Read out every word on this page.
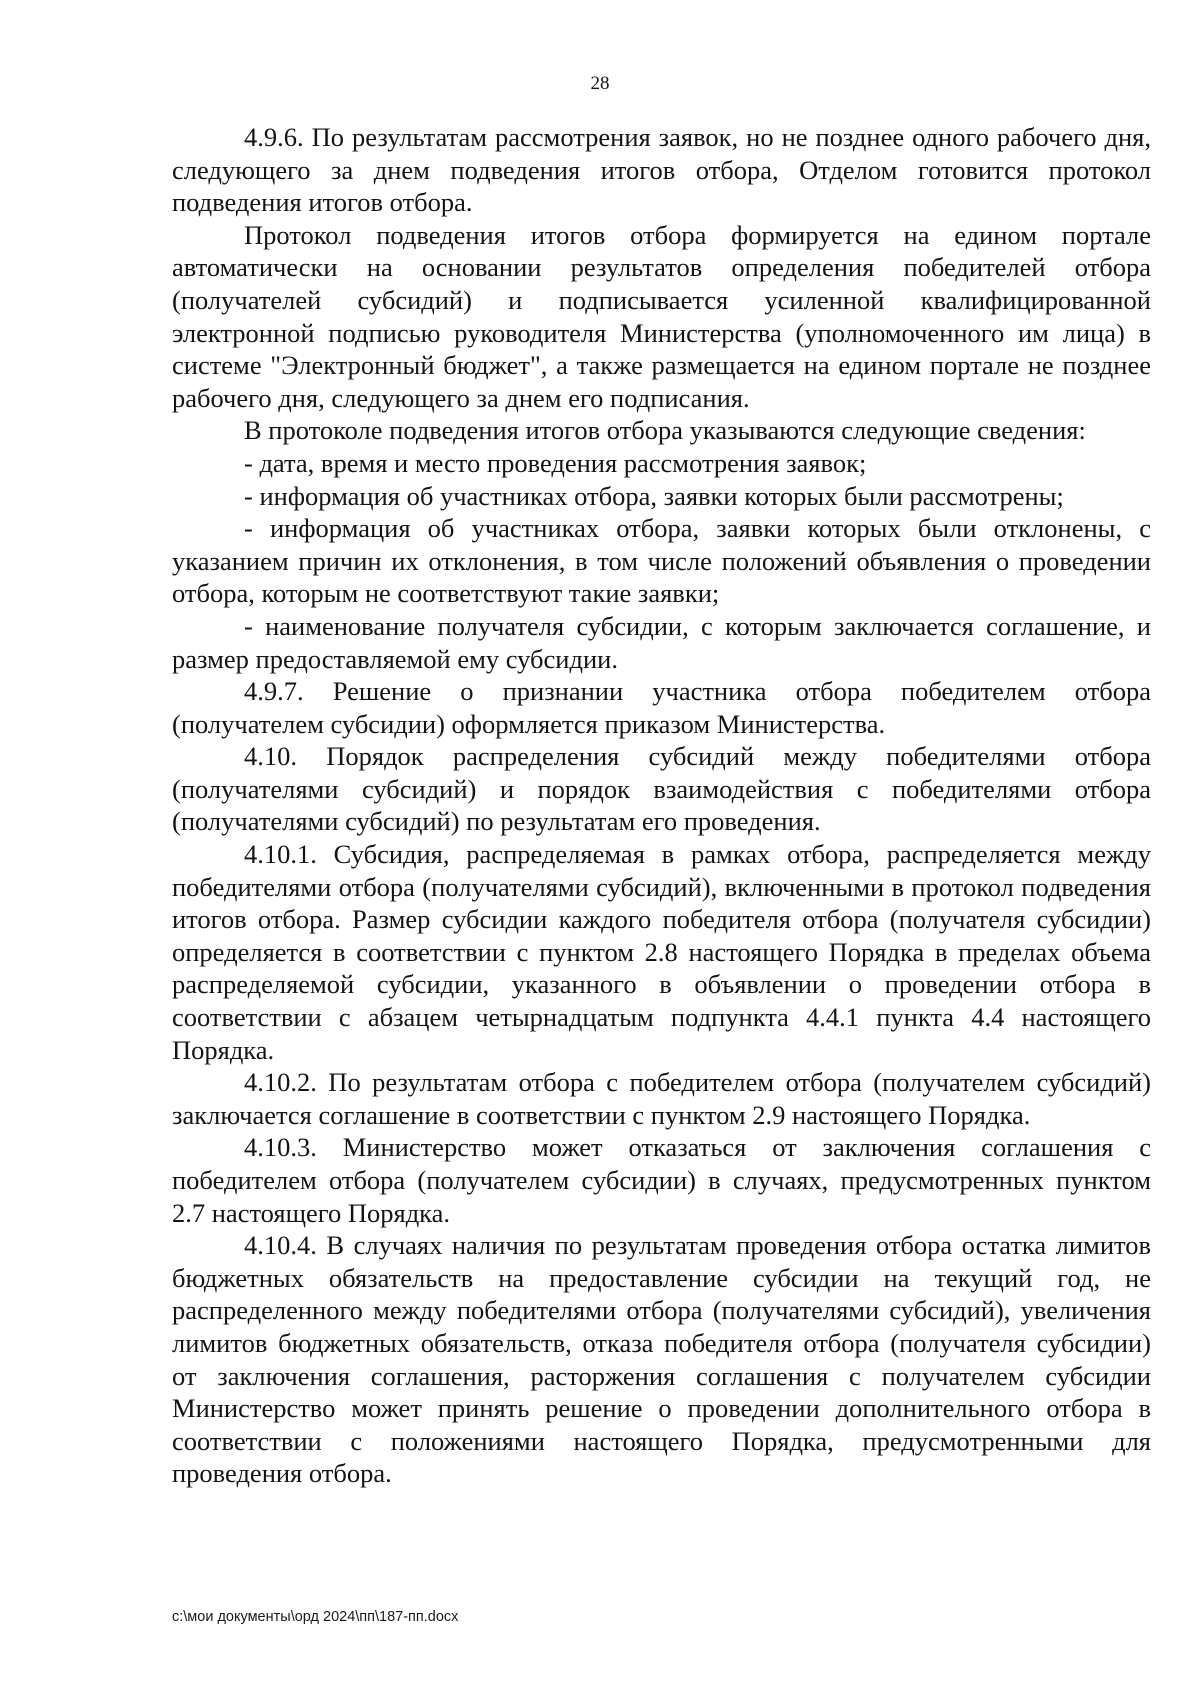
28

4.9.6. По результатам рассмотрения заявок, но не позднее одного рабочего дня, следующего за днем подведения итогов отбора, Отделом готовится протокол подведения итогов отбора.

Протокол подведения итогов отбора формируется на едином портале автоматически на основании результатов определения победителей отбора (получателей субсидий) и подписывается усиленной квалифицированной электронной подписью руководителя Министерства (уполномоченного им лица) в системе "Электронный бюджет", а также размещается на едином портале не позднее рабочего дня, следующего за днем его подписания.

В протоколе подведения итогов отбора указываются следующие сведения:

- дата, время и место проведения рассмотрения заявок;

- информация об участниках отбора, заявки которых были рассмотрены;

- информация об участниках отбора, заявки которых были отклонены, с указанием причин их отклонения, в том числе положений объявления о проведении отбора, которым не соответствуют такие заявки;

- наименование получателя субсидии, с которым заключается соглашение, и размер предоставляемой ему субсидии.

4.9.7. Решение о признании участника отбора победителем отбора (получателем субсидии) оформляется приказом Министерства.

4.10. Порядок распределения субсидий между победителями отбора (получателями субсидий) и порядок взаимодействия с победителями отбора (получателями субсидий) по результатам его проведения.

4.10.1. Субсидия, распределяемая в рамках отбора, распределяется между победителями отбора (получателями субсидий), включенными в протокол подведения итогов отбора. Размер субсидии каждого победителя отбора (получателя субсидии) определяется в соответствии с пунктом 2.8 настоящего Порядка в пределах объема распределяемой субсидии, указанного в объявлении о проведении отбора в соответствии с абзацем четырнадцатым подпункта 4.4.1 пункта 4.4 настоящего Порядка.

4.10.2. По результатам отбора с победителем отбора (получателем субсидий) заключается соглашение в соответствии с пунктом 2.9 настоящего Порядка.

4.10.3. Министерство может отказаться от заключения соглашения с победителем отбора (получателем субсидии) в случаях, предусмотренных пунктом 2.7 настоящего Порядка.

4.10.4. В случаях наличия по результатам проведения отбора остатка лимитов бюджетных обязательств на предоставление субсидии на текущий год, не распределенного между победителями отбора (получателями субсидий), увеличения лимитов бюджетных обязательств, отказа победителя отбора (получателя субсидии) от заключения соглашения, расторжения соглашения с получателем субсидии Министерство может принять решение о проведении дополнительного отбора в соответствии с положениями настоящего Порядка, предусмотренными для проведения отбора.

c:\мои документы\орд 2024\пп\187-пп.docx
